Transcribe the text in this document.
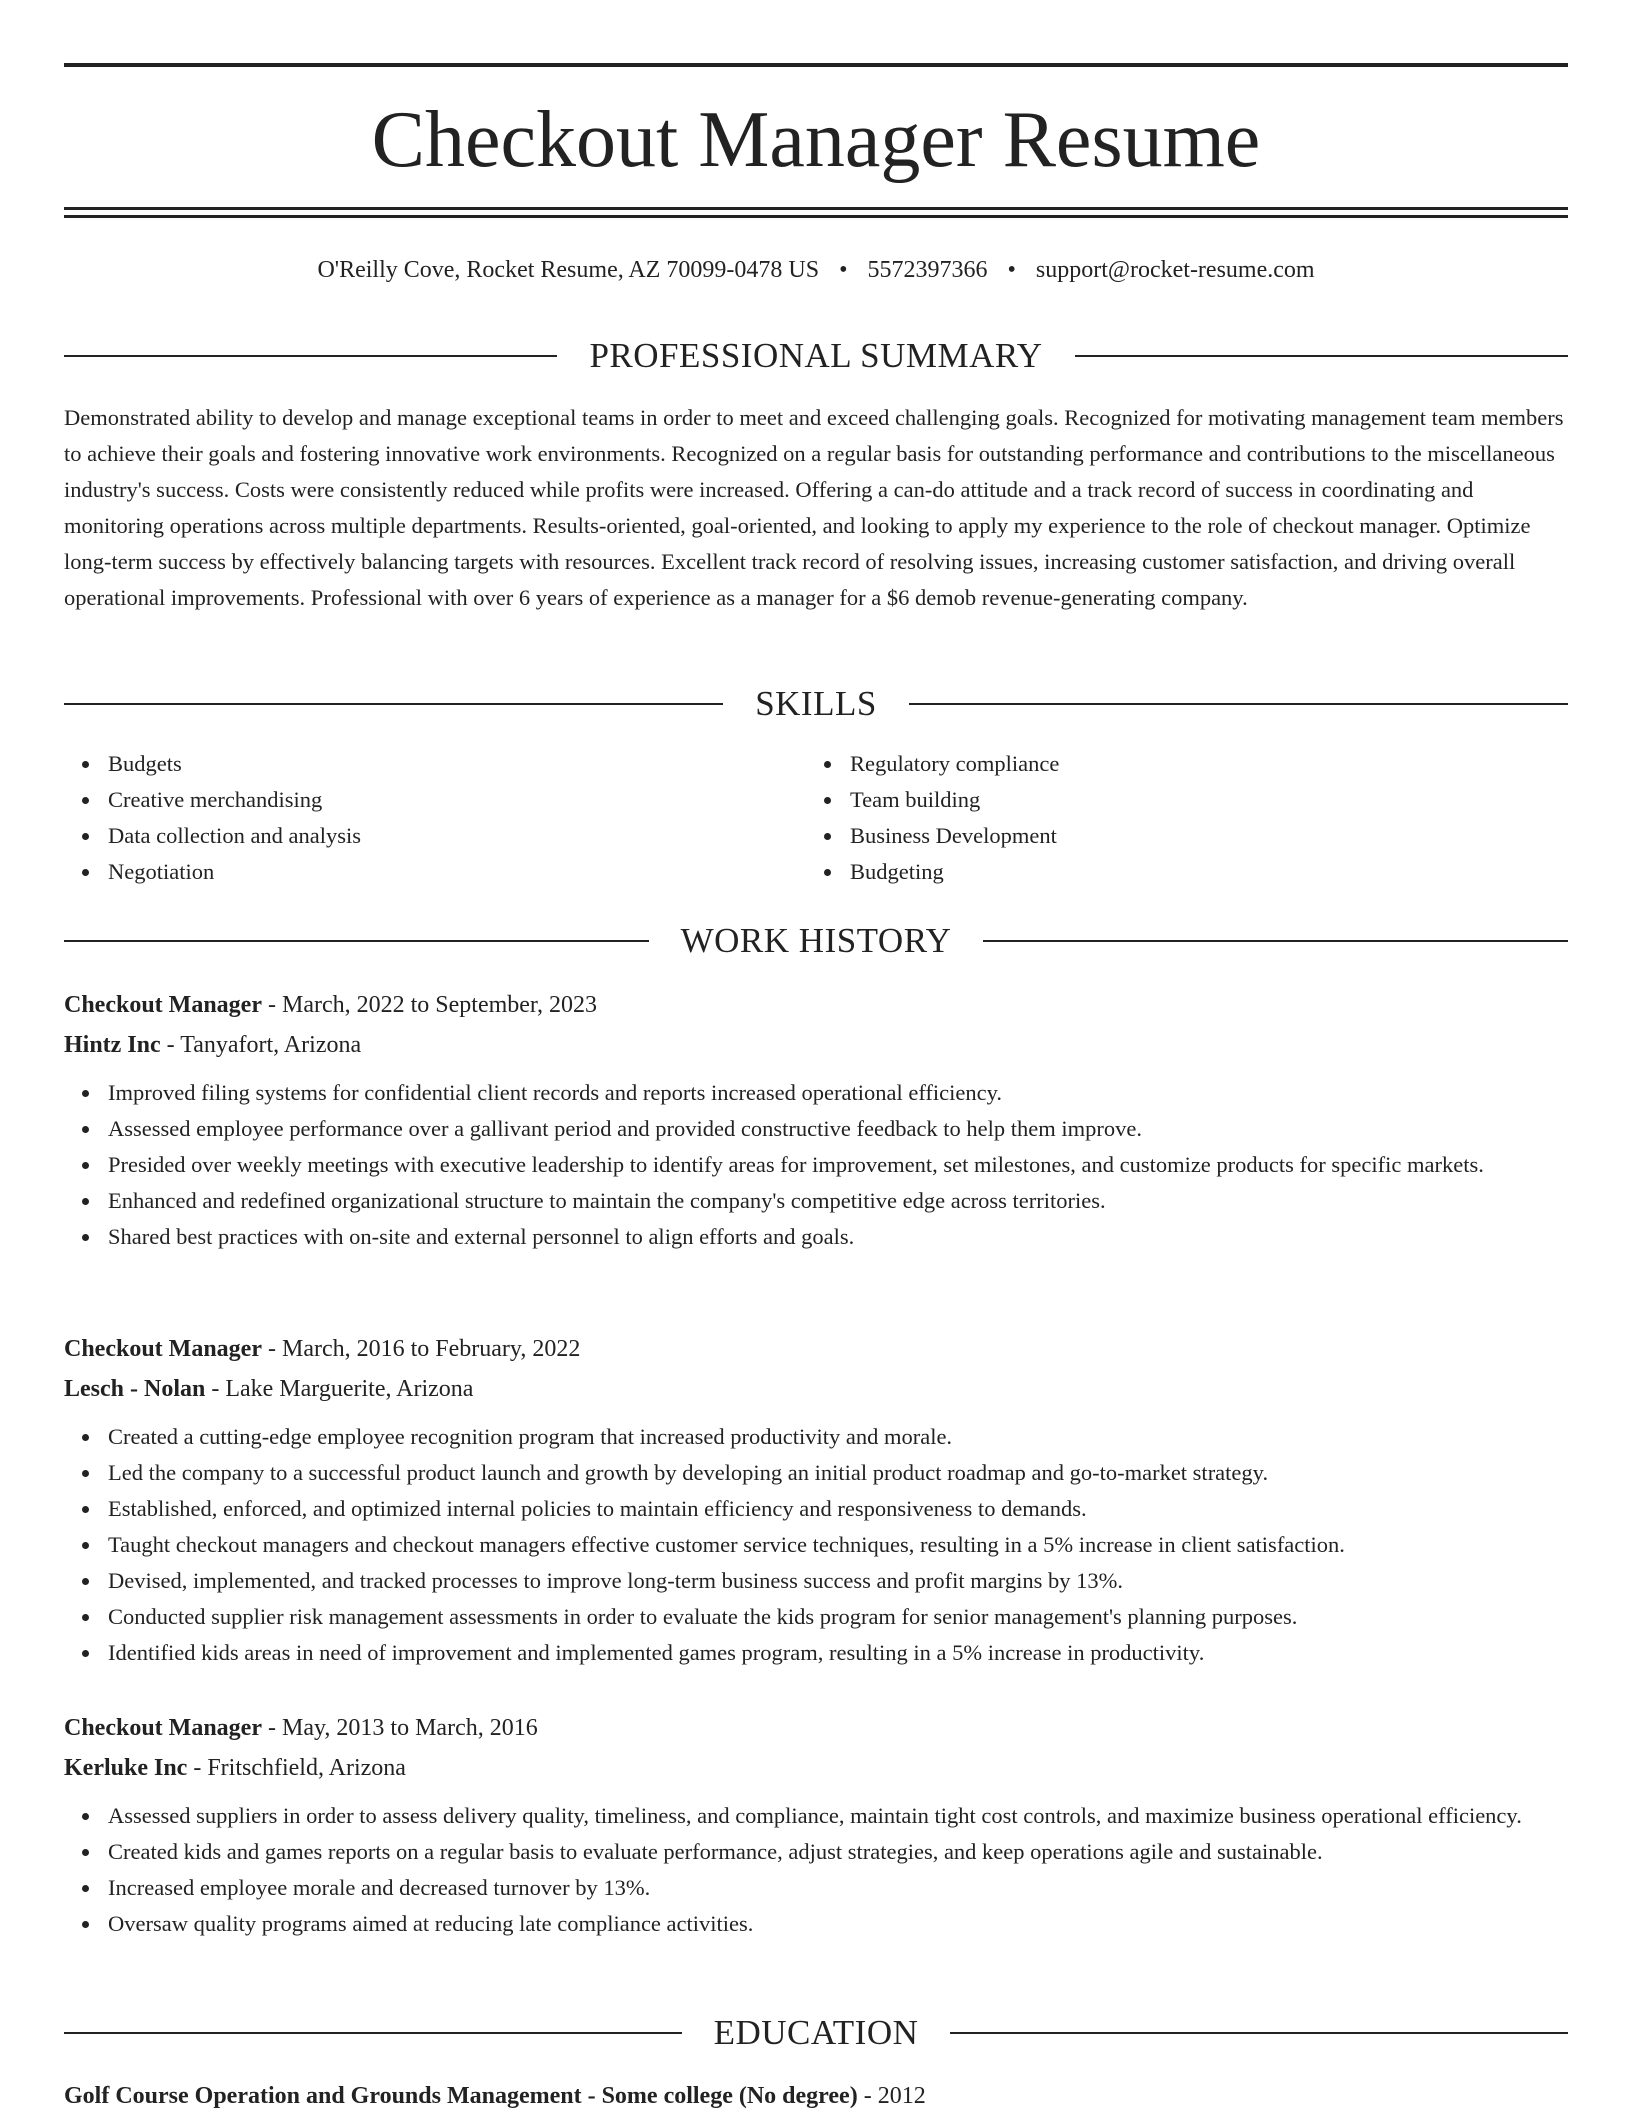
Checkout Manager Resume
O'Reilly Cove, Rocket Resume, AZ 70099-0478 US • 5572397366 • support@rocket-resume.com
PROFESSIONAL SUMMARY

Demonstrated ability to develop and manage exceptional teams in order to meet and exceed challenging goals. Recognized for motivating management team members to achieve their goals and fostering innovative work environments. Recognized on a regular basis for outstanding performance and contributions to the miscellaneous industry's success. Costs were consistently reduced while profits were increased. Offering a can-do attitude and a track record of success in coordinating and monitoring operations across multiple departments. Results-oriented, goal-oriented, and looking to apply my experience to the role of checkout manager. Optimize long-term success by effectively balancing targets with resources. Excellent track record of resolving issues, increasing customer satisfaction, and driving overall operational improvements. Professional with over 6 years of experience as a manager for a $6 demob revenue-generating company.

SKILLS
Budgets
Creative merchandising
Data collection and analysis
Negotiation
Regulatory compliance
Team building
Business Development
Budgeting
WORK HISTORY
Checkout Manager - March, 2022 to September, 2023
Hintz Inc - Tanyafort, Arizona
Improved filing systems for confidential client records and reports increased operational efficiency.
Assessed employee performance over a gallivant period and provided constructive feedback to help them improve.
Presided over weekly meetings with executive leadership to identify areas for improvement, set milestones, and customize products for specific markets.
Enhanced and redefined organizational structure to maintain the company's competitive edge across territories.
Shared best practices with on-site and external personnel to align efforts and goals.
Checkout Manager - March, 2016 to February, 2022
Lesch - Nolan - Lake Marguerite, Arizona
Created a cutting-edge employee recognition program that increased productivity and morale.
Led the company to a successful product launch and growth by developing an initial product roadmap and go-to-market strategy.
Established, enforced, and optimized internal policies to maintain efficiency and responsiveness to demands.
Taught checkout managers and checkout managers effective customer service techniques, resulting in a 5% increase in client satisfaction.
Devised, implemented, and tracked processes to improve long-term business success and profit margins by 13%.
Conducted supplier risk management assessments in order to evaluate the kids program for senior management's planning purposes.
Identified kids areas in need of improvement and implemented games program, resulting in a 5% increase in productivity.
Checkout Manager - May, 2013 to March, 2016
Kerluke Inc - Fritschfield, Arizona
Assessed suppliers in order to assess delivery quality, timeliness, and compliance, maintain tight cost controls, and maximize business operational efficiency.
Created kids and games reports on a regular basis to evaluate performance, adjust strategies, and keep operations agile and sustainable.
Increased employee morale and decreased turnover by 13%.
Oversaw quality programs aimed at reducing late compliance activities.
EDUCATION
Golf Course Operation and Grounds Management - Some college (No degree) - 2012
